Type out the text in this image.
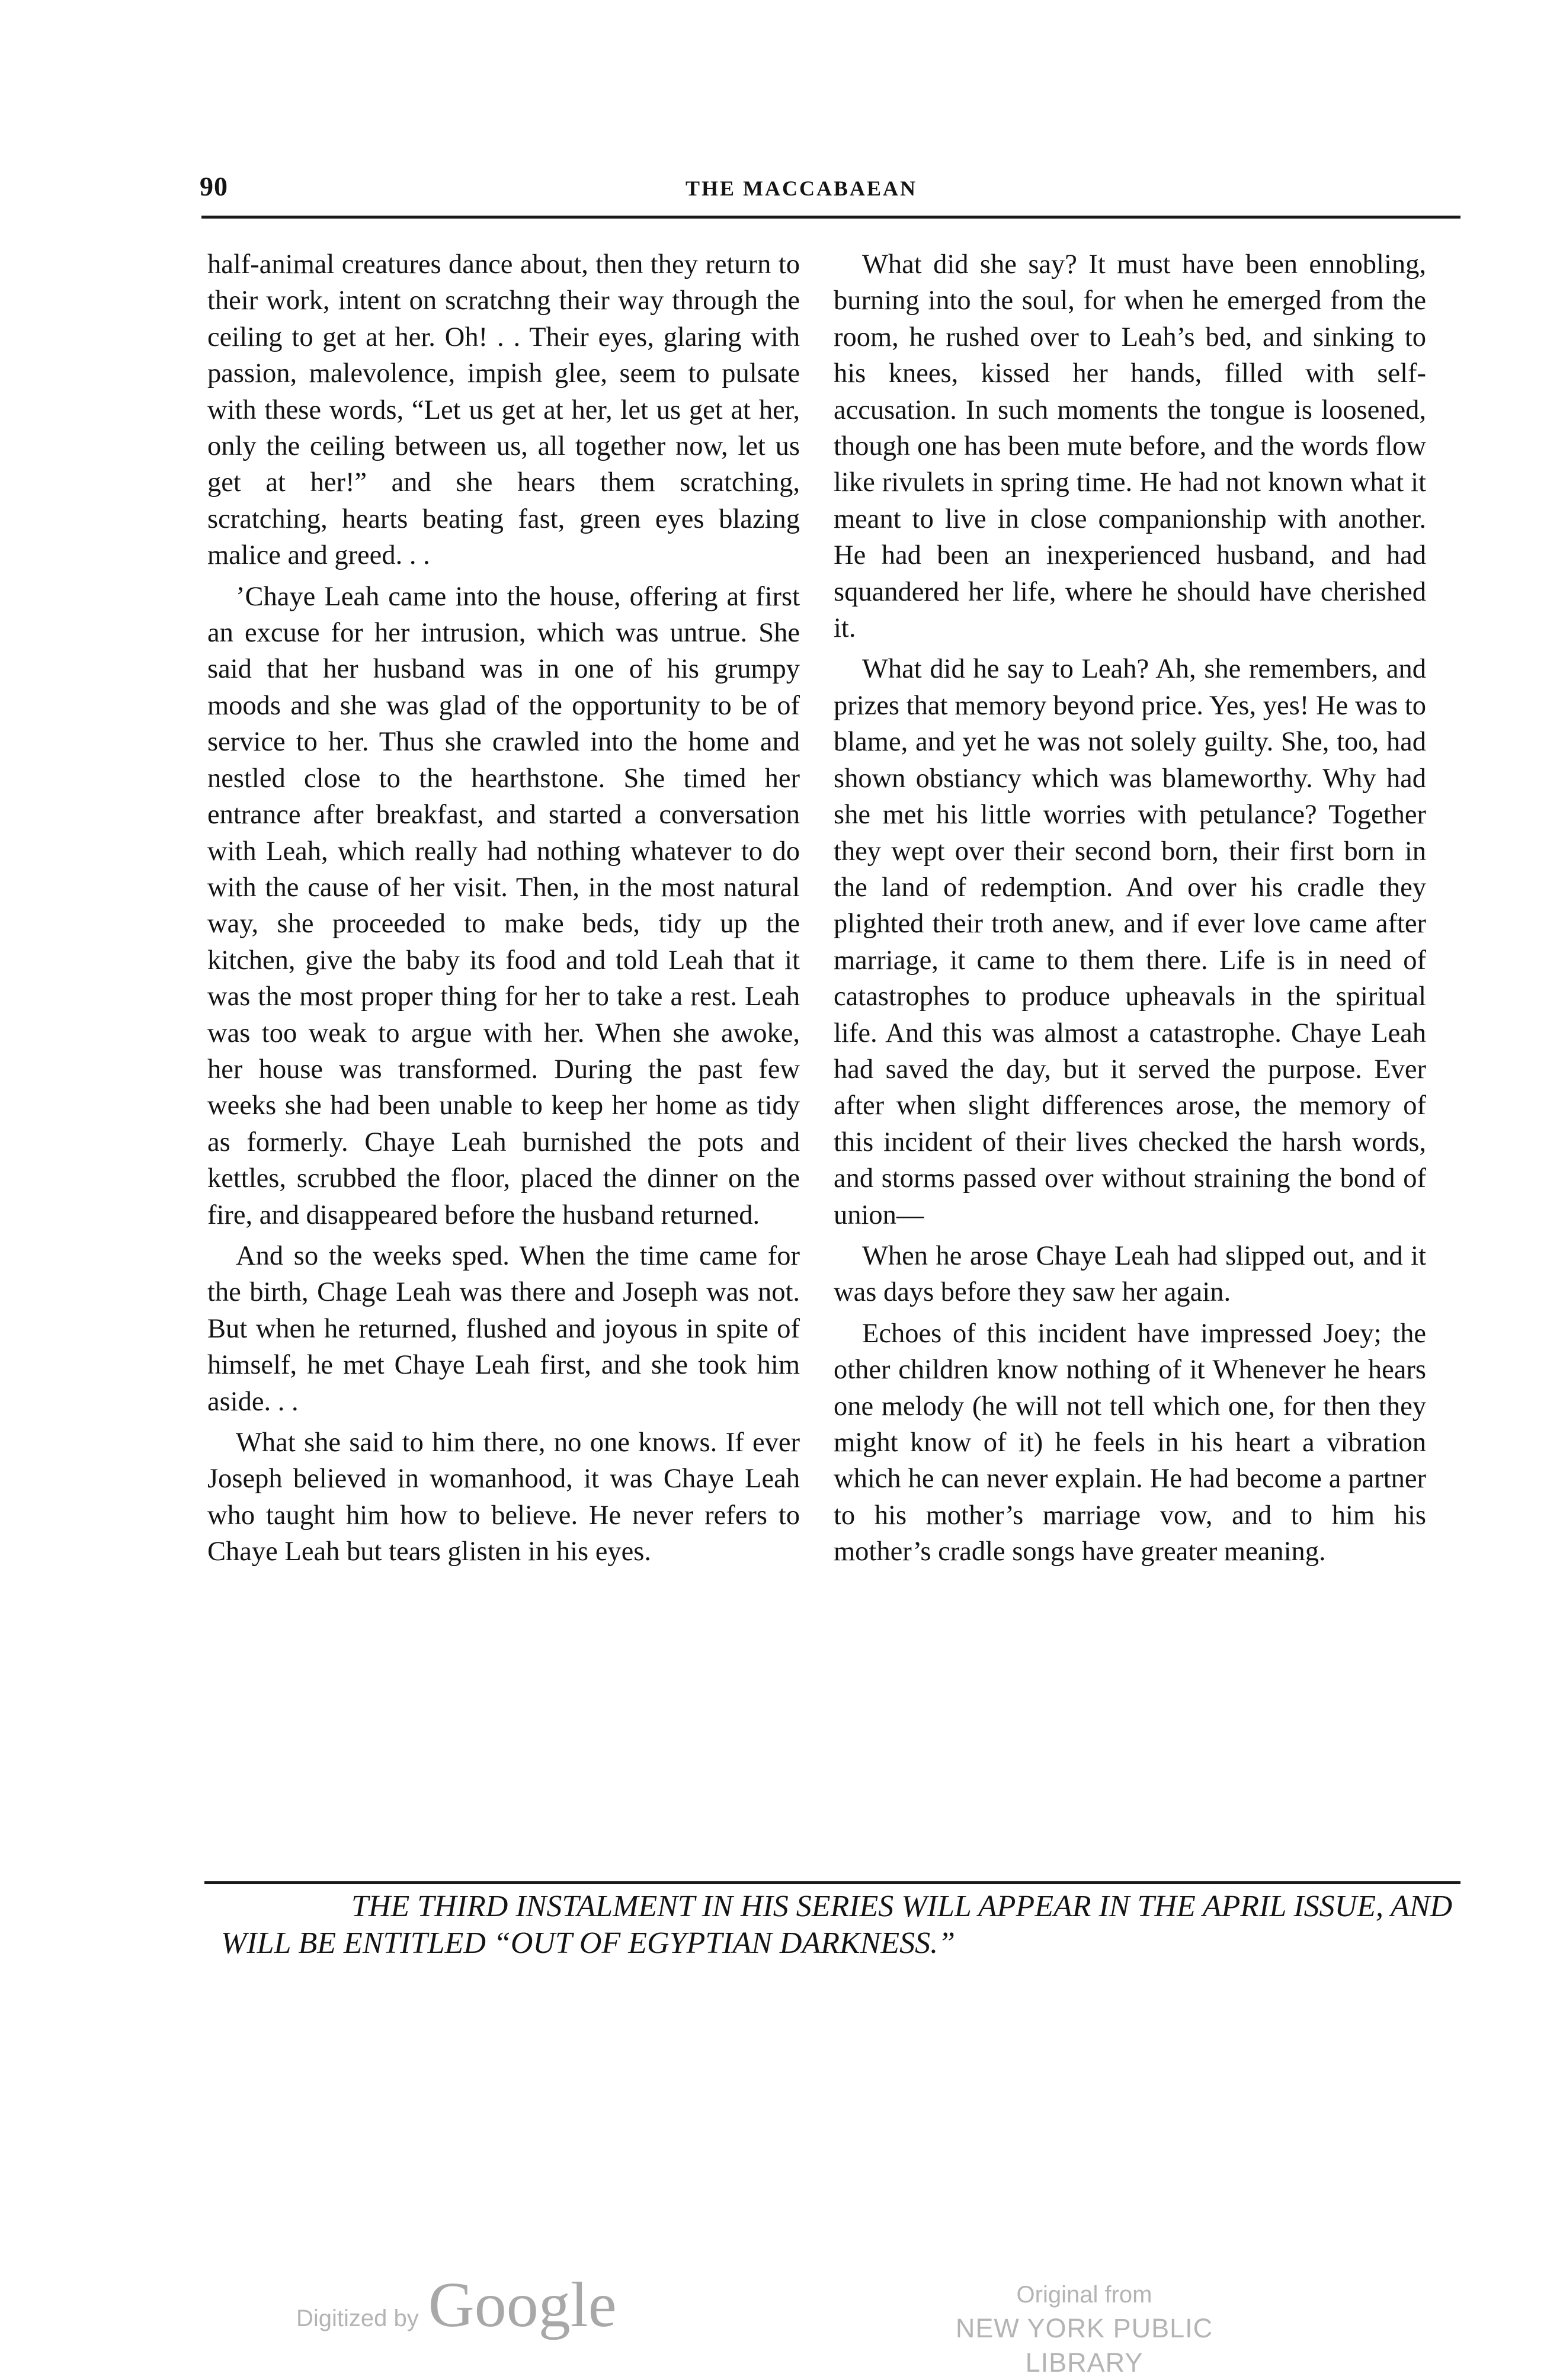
90	THE MACCABAEAN

half-animal creatures dance about, then they return to their work, intent on scratchng their way through the ceiling to get at her. Oh! . . Their eyes, glaring with passion, malevolence, impish glee, seem to pulsate with these words, “Let us get at her, let us get at her, only the ceiling between us, all together now, let us get at her!” and she hears them scratching, scratching, hearts beating fast, green eyes blazing malice and greed. . .

’Chaye Leah came into the house, offering at first an excuse for her intrusion, which was untrue. She said that her husband was in one of his grumpy moods and she was glad of the opportunity to be of service to her. Thus she crawled into the home and nestled close to the hearthstone. She timed her entrance after breakfast, and started a conversation with Leah, which really had nothing whatever to do with the cause of her visit. Then, in the most natural way, she proceeded to make beds, tidy up the kitchen, give the baby its food and told Leah that it was the most proper thing for her to take a rest. Leah was too weak to argue with her. When she awoke, her house was transformed. During the past few weeks she had been unable to keep her home as tidy as formerly. Chaye Leah burnished the pots and kettles, scrubbed the floor, placed the dinner on the fire, and disappeared before the husband returned.

And so the weeks sped. When the time came for the birth, Chage Leah was there and Joseph was not. But when he returned, flushed and joyous in spite of himself, he met Chaye Leah first, and she took him aside. . .

What she said to him there, no one knows. If ever Joseph believed in womanhood, it was Chaye Leah who taught him how to believe. He never refers to Chaye Leah but tears glisten in his eyes.

What did she say? It must have been ennobling, burning into the soul, for when he emerged from the room, he rushed over to Leah’s bed, and sinking to his knees, kissed her hands, filled with self-accusation. In such moments the tongue is loosened, though one has been mute before, and the words flow like rivulets in spring time. He had not known what it meant to live in close companionship with another. He had been an inexperienced husband, and had squandered her life, where he should have cherished it.

What did he say to Leah? Ah, she remembers, and prizes that memory beyond price. Yes, yes! He was to blame, and yet he was not solely guilty. She, too, had shown obstiancy which was blameworthy. Why had she met his little worries with petulance? Together they wept over their second born, their first born in the land of redemption. And over his cradle they plighted their troth anew, and if ever love came after marriage, it came to them there. Life is in need of catastrophes to produce upheavals in the spiritual life. And this was almost a catastrophe. Chaye Leah had saved the day, but it served the purpose. Ever after when slight differences arose, the memory of this incident of their lives checked the harsh words, and storms passed over without straining the bond of union—

When he arose Chaye Leah had slipped out, and it was days before they saw her again.

Echoes of this incident have impressed Joey; the other children know nothing of it Whenever he hears one melody (he will not tell which one, for then they might know of it) he feels in his heart a vibration which he can never explain. He had become a partner to his mother’s marriage vow, and to him his mother’s cradle songs have greater meaning.

THE THIRD INSTALMENT IN HIS SERIES WILL APPEAR IN THE APRIL ISSUE, AND WILL BE ENTITLED “OUT OF EGYPTIAN DARKNESS.”

Digitized by Google	Original from
NEW YORK PUBLIC LIBRARY
